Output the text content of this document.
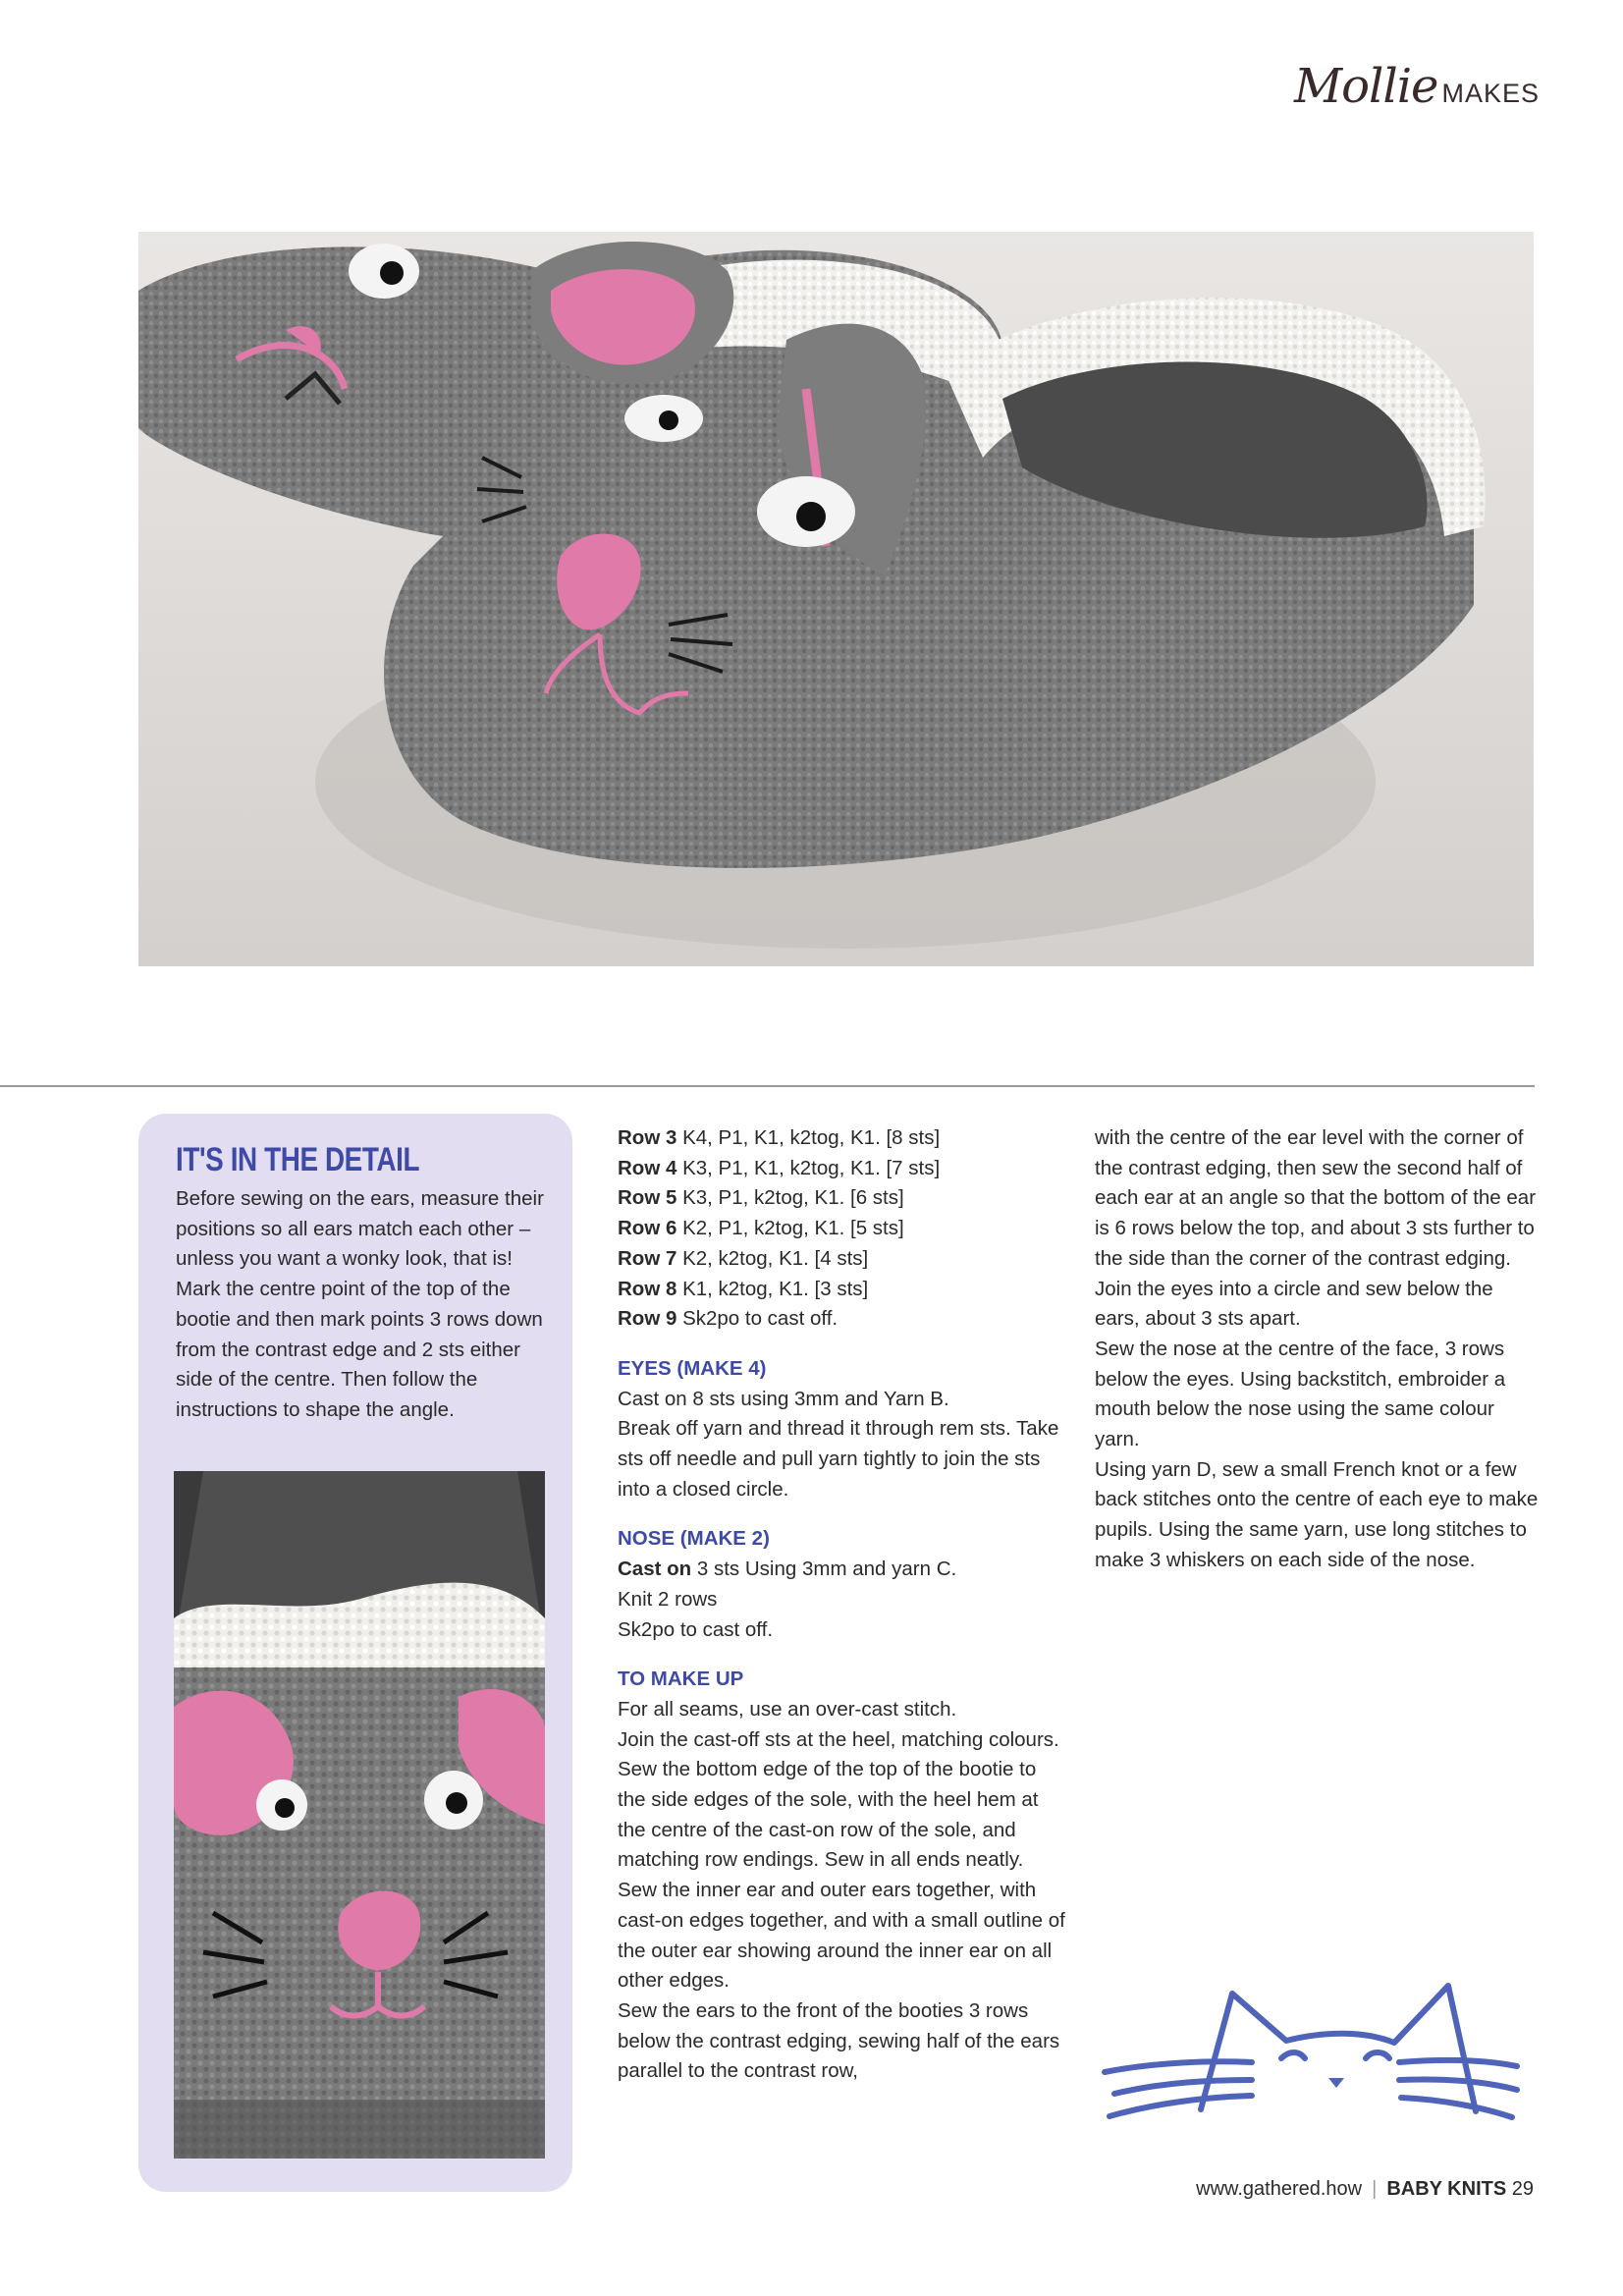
Mollie MAKES
IT'S IN THE DETAIL
Before sewing on the ears, measure their positions so all ears match each other – unless you want a wonky look, that is! Mark the centre point of the top of the bootie and then mark points 3 rows down from the contrast edge and 2 sts either side of the centre. Then follow the instructions to shape the angle.
Row 3 K4, P1, K1, k2tog, K1. [8 sts]
Row 4 K3, P1, K1, k2tog, K1. [7 sts]
Row 5 K3, P1, k2tog, K1. [6 sts]
Row 6 K2, P1, k2tog, K1. [5 sts]
Row 7 K2, k2tog, K1. [4 sts]
Row 8 K1, k2tog, K1. [3 sts]
Row 9 Sk2po to cast off.
EYES (MAKE 4)

Cast on 8 sts using 3mm and Yarn B.

Break off yarn and thread it through rem sts. Take sts off needle and pull yarn tightly to join the sts into a closed circle.

NOSE (MAKE 2)
Cast on 3 sts Using 3mm and yarn C.

Knit 2 rows

Sk2po to cast off.

TO MAKE UP

For all seams, use an over-cast stitch.

Join the cast-off sts at the heel, matching colours. Sew the bottom edge of the top of the bootie to the side edges of the sole, with the heel hem at the centre of the cast-on row of the sole, and matching row endings. Sew in all ends neatly.

Sew the inner ear and outer ears together, with cast-on edges together, and with a small outline of the outer ear showing around the inner ear on all other edges.

Sew the ears to the front of the booties 3 rows below the contrast edging, sewing half of the ears parallel to the contrast row,

with the centre of the ear level with the corner of the contrast edging, then sew the second half of each ear at an angle so that the bottom of the ear is 6 rows below the top, and about 3 sts further to the side than the corner of the contrast edging.

Join the eyes into a circle and sew below the ears, about 3 sts apart.

Sew the nose at the centre of the face, 3 rows below the eyes. Using backstitch, embroider a mouth below the nose using the same colour yarn.

Using yarn D, sew a small French knot or a few back stitches onto the centre of each eye to make pupils. Using the same yarn, use long stitches to make 3 whiskers on each side of the nose.

www.gathered.how | BABY KNITS 29
